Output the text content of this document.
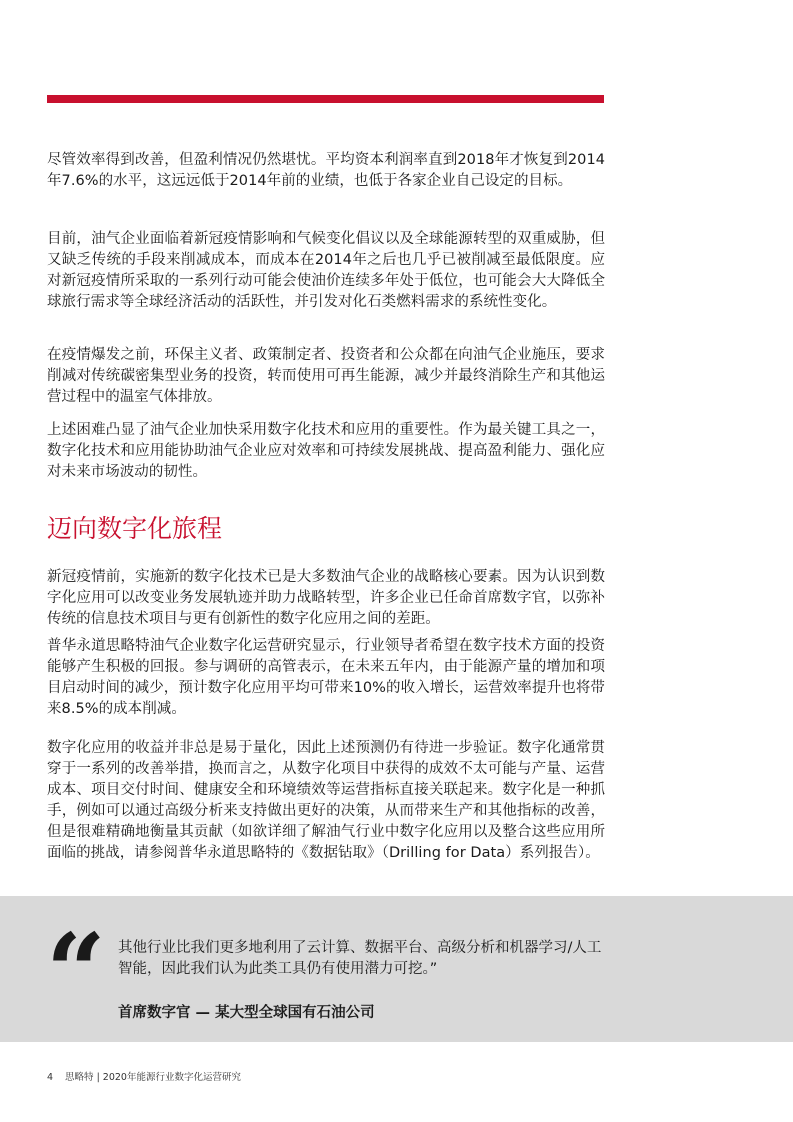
尽管效率得到改善，但盈利情况仍然堪忧。平均资本利润率直到2018年才恢复到2014年7.6%的水平，这远远低于2014年前的业绩，也低于各家企业自己设定的目标。

目前，油气企业面临着新冠疫情影响和气候变化倡议以及全球能源转型的双重威胁，但又缺乏传统的手段来削减成本，而成本在2014年之后也几乎已被削减至最低限度。应对新冠疫情所采取的一系列行动可能会使油价连续多年处于低位，也可能会大大降低全球旅行需求等全球经济活动的活跃性，并引发对化石类燃料需求的系统性变化。

在疫情爆发之前，环保主义者、政策制定者、投资者和公众都在向油气企业施压，要求削减对传统碳密集型业务的投资，转而使用可再生能源，减少并最终消除生产和其他运营过程中的温室气体排放。

上述困难凸显了油气企业加快采用数字化技术和应用的重要性。作为最关键工具之一，数字化技术和应用能协助油气企业应对效率和可持续发展挑战、提高盈利能力、强化应对未来市场波动的韧性。

迈向数字化旅程

新冠疫情前，实施新的数字化技术已是大多数油气企业的战略核心要素。因为认识到数字化应用可以改变业务发展轨迹并助力战略转型，许多企业已任命首席数字官，以弥补传统的信息技术项目与更有创新性的数字化应用之间的差距。

普华永道思略特油气企业数字化运营研究显示，行业领导者希望在数字技术方面的投资能够产生积极的回报。参与调研的高管表示，在未来五年内，由于能源产量的增加和项目启动时间的减少，预计数字化应用平均可带来10%的收入增长，运营效率提升也将带来8.5%的成本削减。

数字化应用的收益并非总是易于量化，因此上述预测仍有待进一步验证。数字化通常贯穿于一系列的改善举措，换而言之，从数字化项目中获得的成效不太可能与产量、运营成本、项目交付时间、健康安全和环境绩效等运营指标直接关联起来。数字化是一种抓手，例如可以通过高级分析来支持做出更好的决策，从而带来生产和其他指标的改善，但是很难精确地衡量其贡献（如欲详细了解油气行业中数字化应用以及整合这些应用所面临的挑战，请参阅普华永道思略特的《数据钻取》（Drilling for Data）系列报告）。

“ 其他行业比我们更多地利用了云计算、数据平台、高级分析和机器学习/人工智能，因此我们认为此类工具仍有使用潜力可挖。”

首席数字官 — 某大型全球国有石油公司

4 思略特 | 2020年能源行业数字化运营研究
